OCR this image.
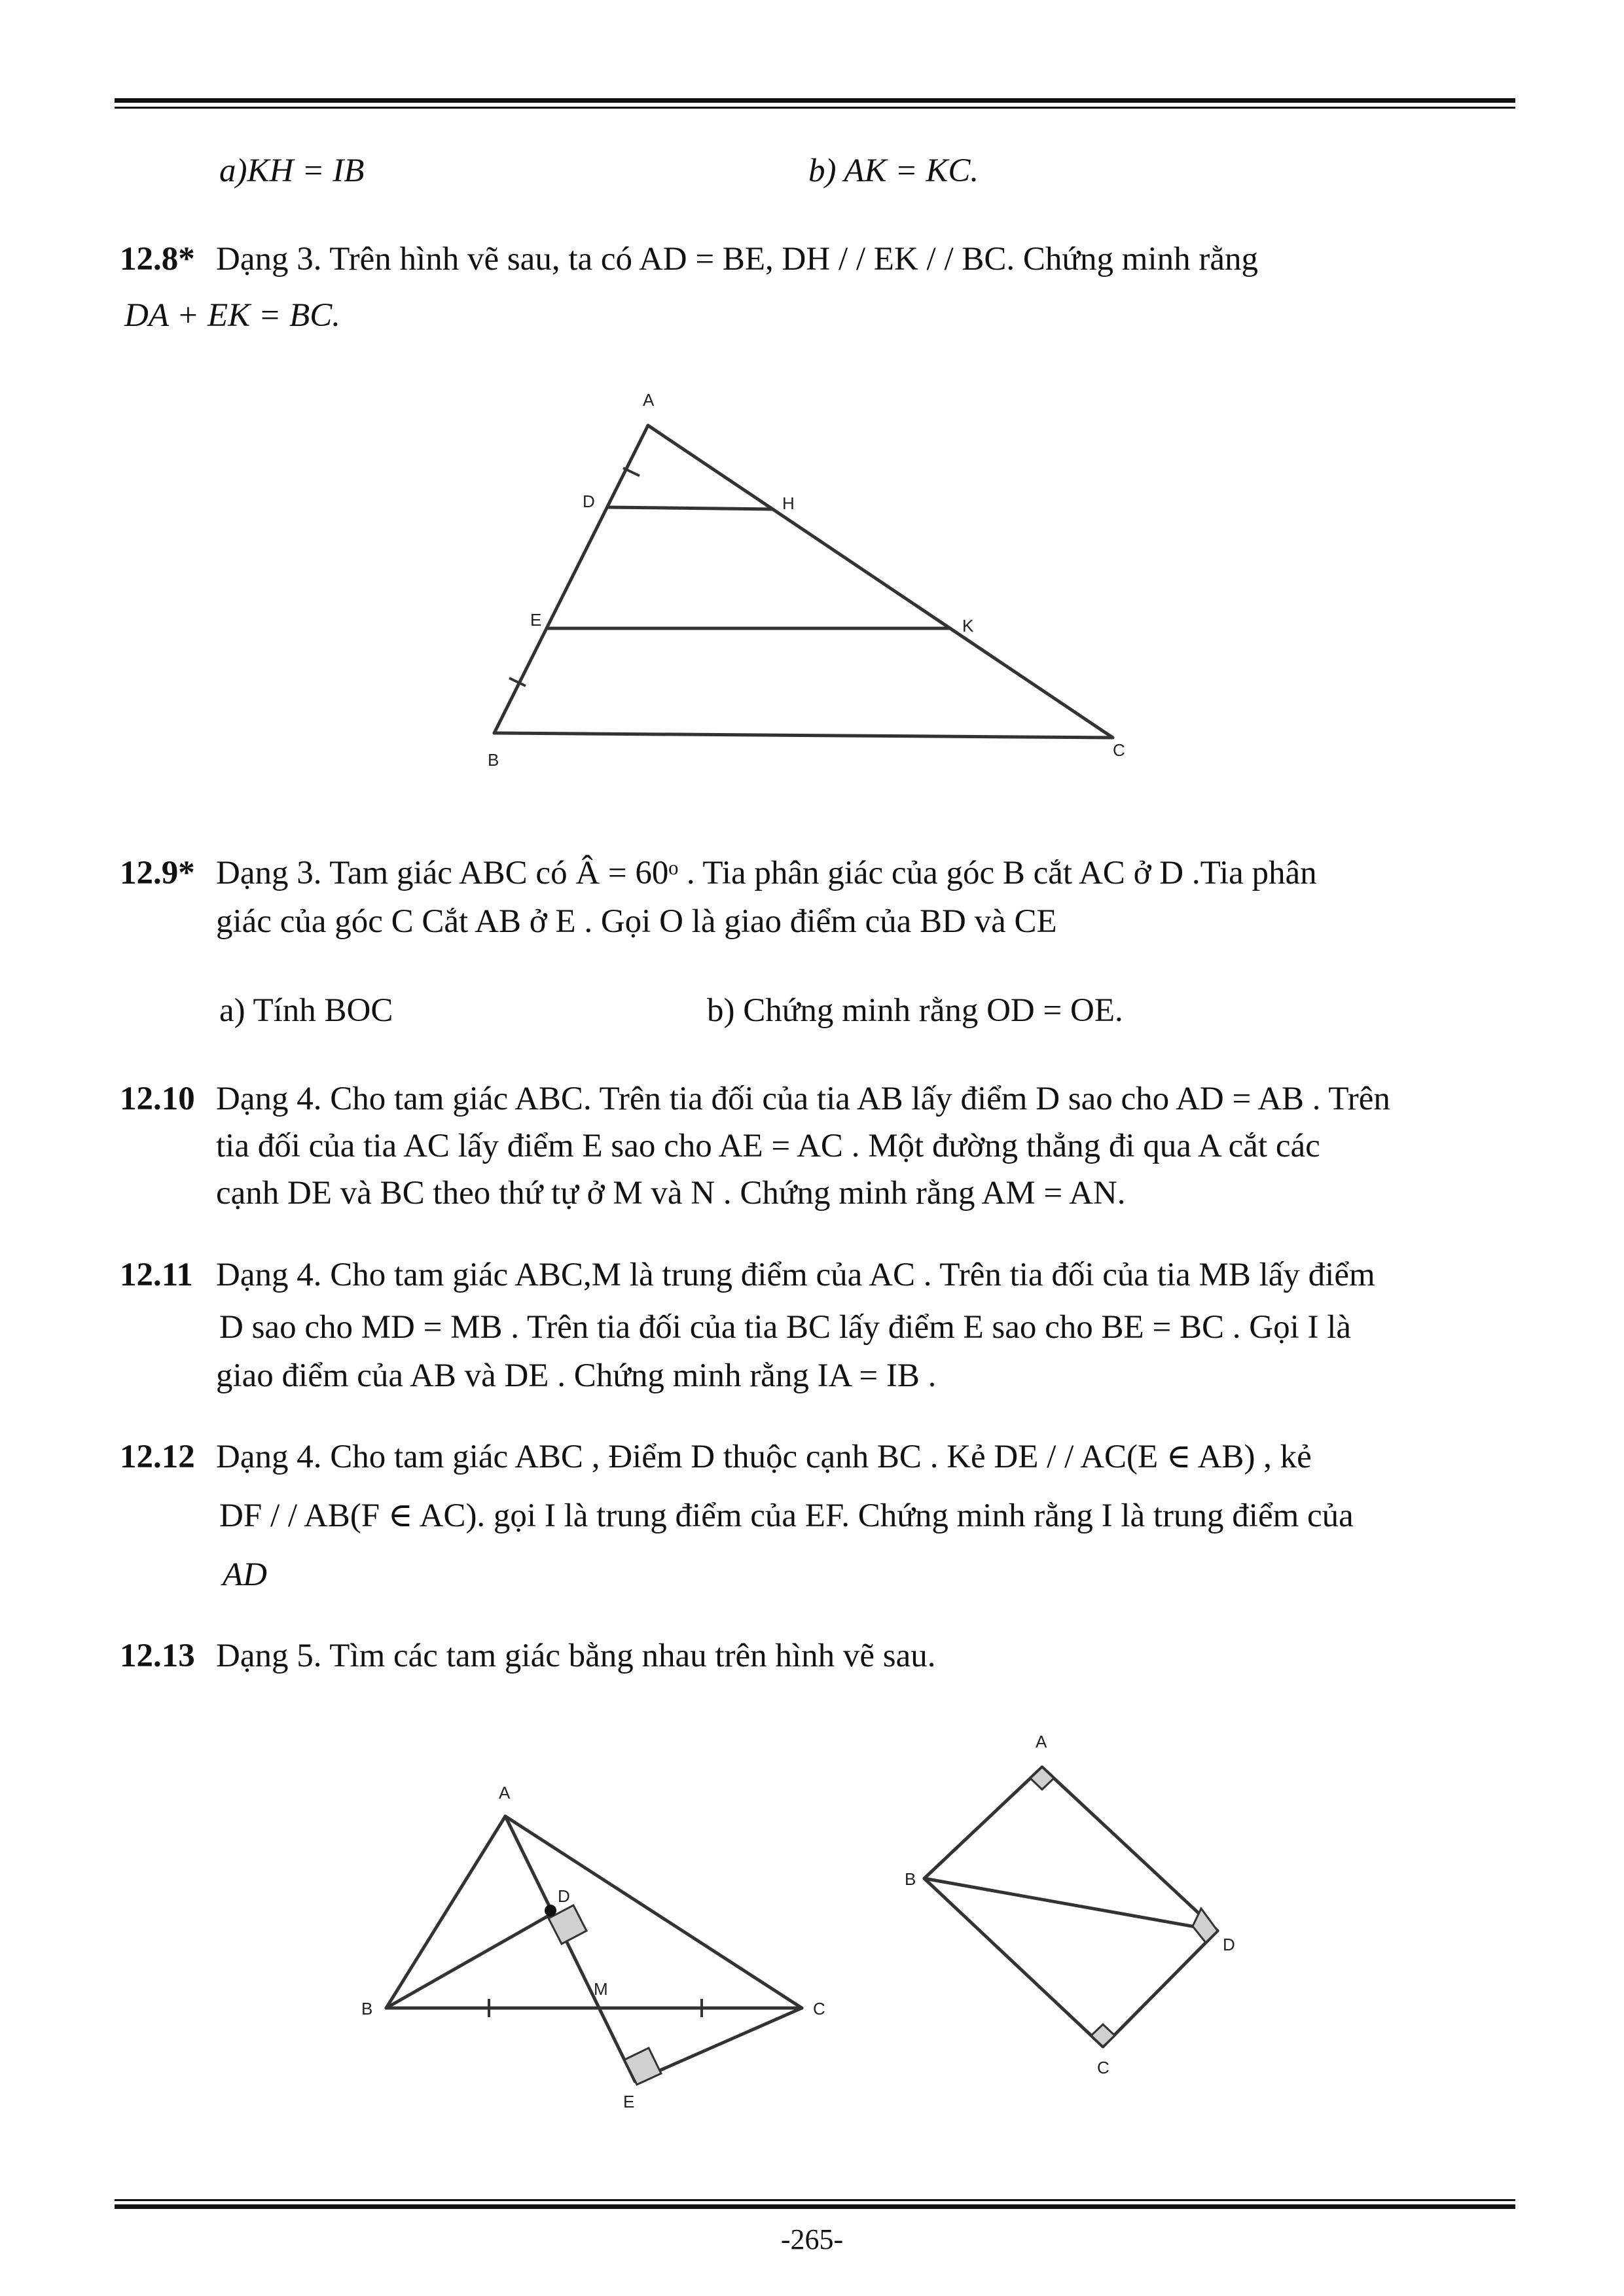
a)KH = IB	b) AK = KC.
12.8* Dạng 3. Trên hình vẽ sau, ta có AD = BE, DH / / EK / / BC. Chứng minh rằng
DA + EK = BC.
A
D	H
E	K
B	C
12.9* Dạng 3. Tam giác ABC có Â = 60ᵒ . Tia phân giác của góc B cắt AC ở D .Tia phân
giác của góc C Cắt AB ở E . Gọi O là giao điểm của BD và CE
a) Tính BOC	b) Chứng minh rằng OD = OE.
12.10 Dạng 4. Cho tam giác ABC. Trên tia đối của tia AB lấy điểm D sao cho AD = AB . Trên
tia đối của tia AC lấy điểm E sao cho AE = AC . Một đường thẳng đi qua A cắt các
cạnh DE và BC theo thứ tự ở M và N . Chứng minh rằng AM = AN.
12.11 Dạng 4. Cho tam giác ABC,M là trung điểm của AC . Trên tia đối của tia MB lấy điểm
D sao cho MD = MB . Trên tia đối của tia BC lấy điểm E sao cho BE = BC . Gọi I là
giao điểm của AB và DE . Chứng minh rằng IA = IB .
12.12 Dạng 4. Cho tam giác ABC , Điểm D thuộc cạnh BC . Kẻ DE / / AC(E ∈ AB) , kẻ
DF / / AB(F ∈ AC). gọi I là trung điểm của EF. Chứng minh rằng I là trung điểm của
AD
12.13 Dạng 5. Tìm các tam giác bằng nhau trên hình vẽ sau.
A
D
M
B	C
E
A
B
D
C
-265-
